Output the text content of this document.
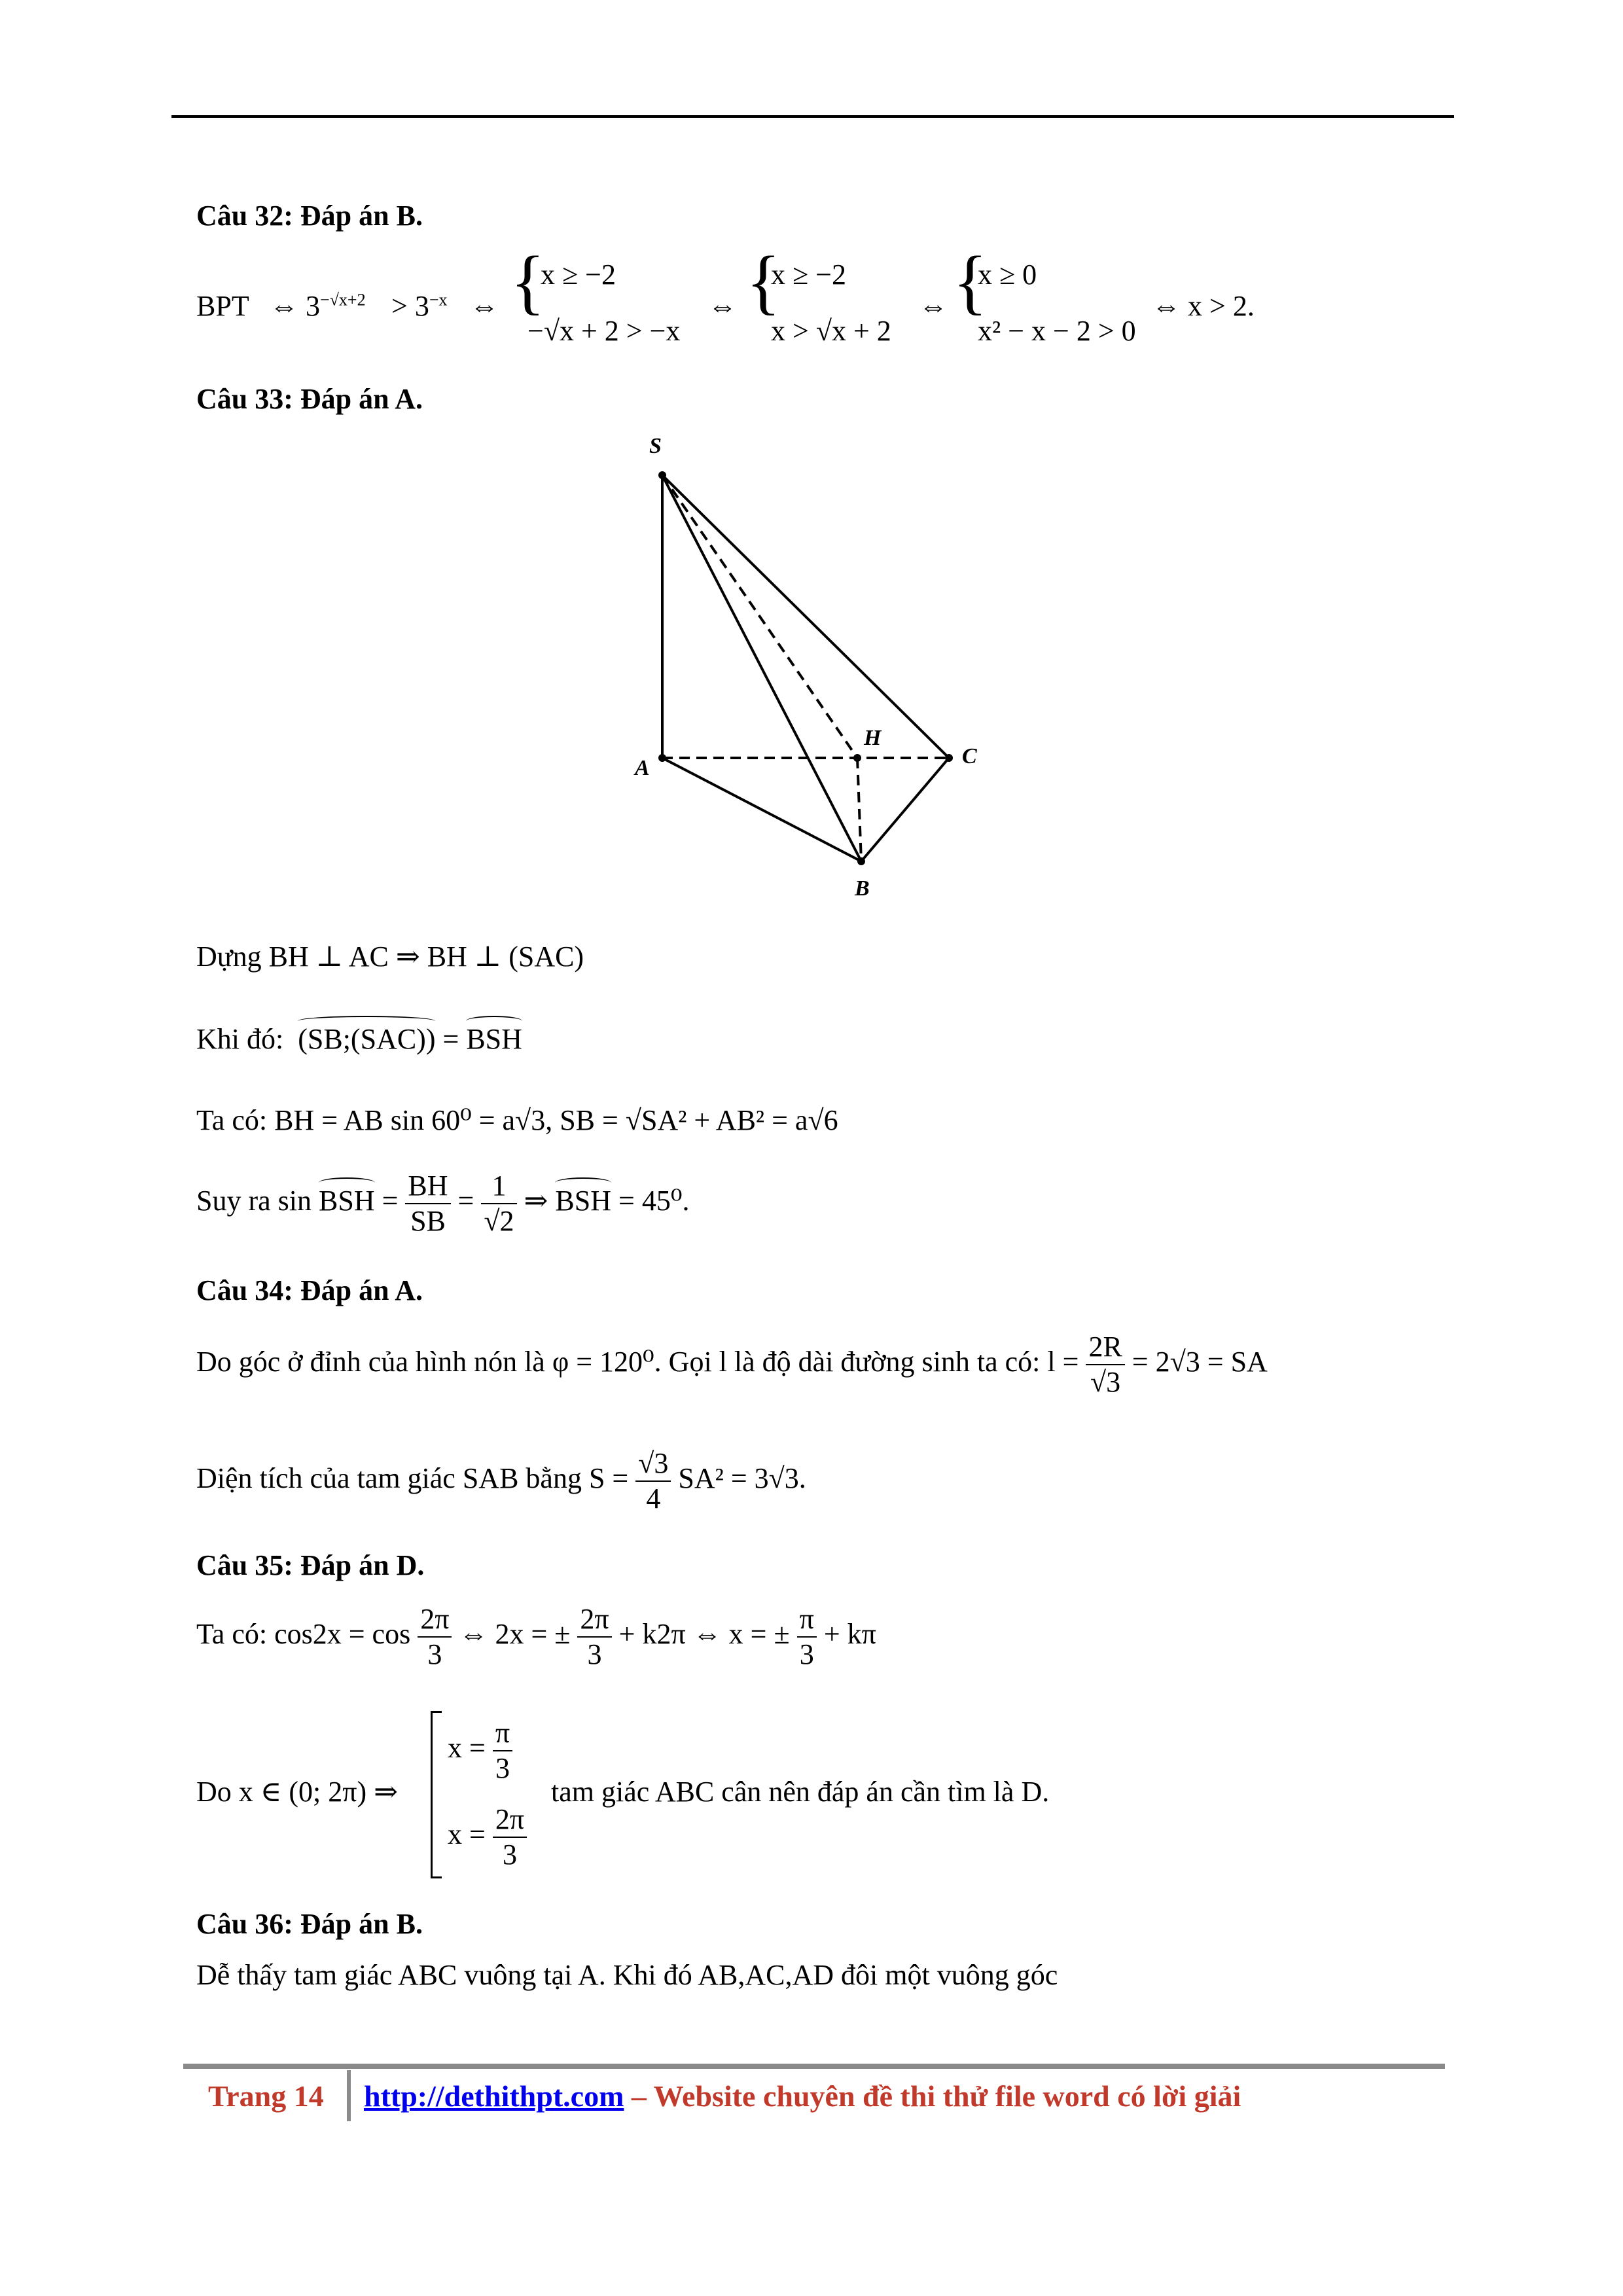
Câu 32: Đáp án B.
BPT ⇔ $3^{-√x+2} > 3^{-x}$ ⇔ {
x ≥ −2
−√x + 2 > −x
⇔ {
x ≥ −2
x > √x + 2
⇔ {
x ≥ 0
x² − x − 2 > 0
⇔ x > 2.
Câu 33: Đáp án A.
S
A	C
B
H
Dựng BH ⊥ AC ⇒ BH ⊥ (SAC)
Khi đó: (SB;(SAC)) = BSH
Ta có: BH = AB sin 60⁰ = a√3, SB = √SA² + AB² = a√6
Suy ra sin BSH = $\frac{BH}{SB} = \frac{1}{√2}$ ⇒ BSH = 45⁰.
Câu 34: Đáp án A.
Do góc ở đỉnh của hình nón là φ = 120⁰. Gọi l là độ dài đường sinh ta có: $l = \frac{2R}{√3} = 2√3$ = SA
Diện tích của tam giác SAB bằng $S = \frac{√3}{4} SA^2 = 3√3$.
Câu 35: Đáp án D.
Ta có: $\cos 2x = \cos \frac{2\pi}{3}$ ⇔ 2x = ± $\frac{2\pi}{3} + k2\pi$ ⇔ x = ± $\frac{\pi}{3} + k\pi$
Do x ∈ (0; 2π) ⇒
$x = \frac{\pi}{3}$
$x = \frac{2\pi}{3}$
tam giác ABC cân nên đáp án cần tìm là D.
Câu 36: Đáp án B.
Dễ thấy tam giác ABC vuông tại A. Khi đó AB,AC,AD đôi một vuông góc
Trang 14 http://dethithpt.com – Website chuyên đề thi thử file word có lời giải
